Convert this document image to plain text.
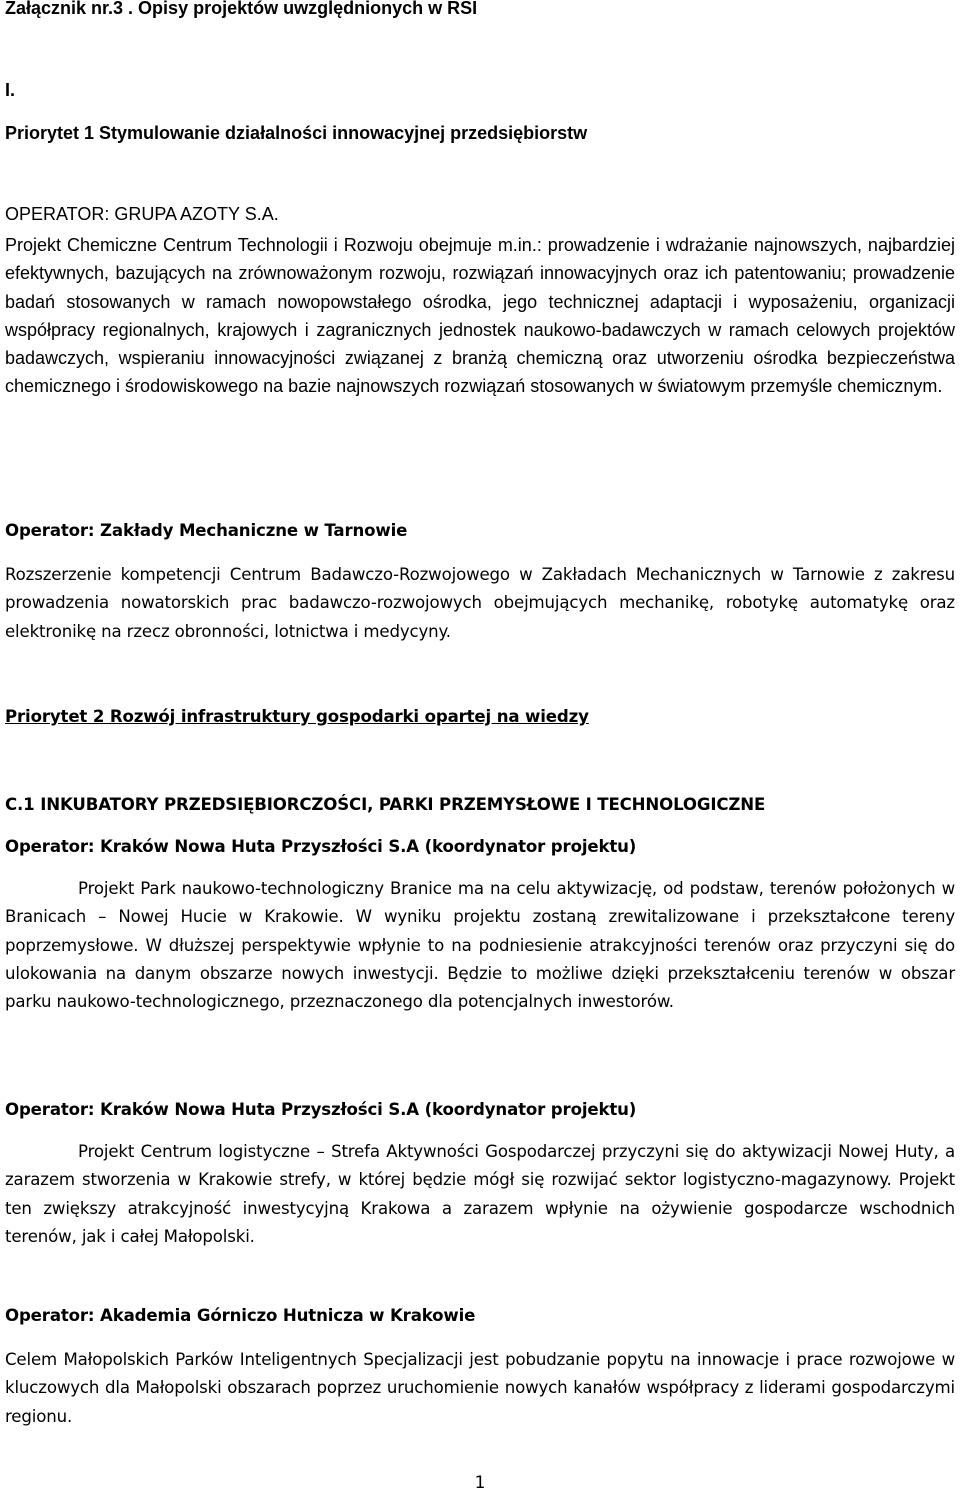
Załącznik nr.3 . Opisy projektów uwzględnionych w RSI

I.

Priorytet 1 Stymulowanie działalności innowacyjnej przedsiębiorstw

OPERATOR: GRUPA AZOTY S.A.

Projekt Chemiczne Centrum Technologii i Rozwoju obejmuje m.in.: prowadzenie i wdrażanie najnowszych, najbardziej efektywnych, bazujących na zrównoważonym rozwoju, rozwiązań innowacyjnych oraz ich patentowaniu; prowadzenie badań stosowanych w ramach nowopowstałego ośrodka, jego technicznej adaptacji i wyposażeniu, organizacji współpracy regionalnych, krajowych i zagranicznych jednostek naukowo-badawczych w ramach celowych projektów badawczych, wspieraniu innowacyjności związanej z branżą chemiczną oraz utworzeniu ośrodka bezpieczeństwa chemicznego i środowiskowego na bazie najnowszych rozwiązań stosowanych w światowym przemyśle chemicznym.

Operator: Zakłady Mechaniczne w Tarnowie

Rozszerzenie kompetencji Centrum Badawczo-Rozwojowego w Zakładach Mechanicznych w Tarnowie z zakresu prowadzenia nowatorskich prac badawczo-rozwojowych obejmujących mechanikę, robotykę automatykę oraz elektronikę na rzecz obronności, lotnictwa i medycyny.

Priorytet 2 Rozwój infrastruktury gospodarki opartej na wiedzy

C.1 INKUBATORY PRZEDSIĘBIORCZOŚCI, PARKI PRZEMYSŁOWE I TECHNOLOGICZNE

Operator: Kraków Nowa Huta Przyszłości S.A (koordynator projektu)

Projekt Park naukowo-technologiczny Branice ma na celu aktywizację, od podstaw, terenów położonych w Branicach – Nowej Hucie w Krakowie. W wyniku projektu zostaną zrewitalizowane i przekształcone tereny poprzemysłowe. W dłuższej perspektywie wpłynie to na podniesienie atrakcyjności terenów oraz przyczyni się do ulokowania na danym obszarze nowych inwestycji. Będzie to możliwe dzięki przekształceniu terenów w obszar parku naukowo-technologicznego, przeznaczonego dla potencjalnych inwestorów.

Operator: Kraków Nowa Huta Przyszłości S.A (koordynator projektu)

Projekt Centrum logistyczne – Strefa Aktywności Gospodarczej przyczyni się do aktywizacji Nowej Huty, a zarazem stworzenia w Krakowie strefy, w której będzie mógł się rozwijać sektor logistyczno-magazynowy. Projekt ten zwiększy atrakcyjność inwestycyjną Krakowa a zarazem wpłynie na ożywienie gospodarcze wschodnich terenów, jak i całej Małopolski.

Operator: Akademia Górniczo Hutnicza w Krakowie

Celem Małopolskich Parków Inteligentnych Specjalizacji jest pobudzanie popytu na innowacje i prace rozwojowe w kluczowych dla Małopolski obszarach poprzez uruchomienie nowych kanałów współpracy z liderami gospodarczymi regionu.

1
